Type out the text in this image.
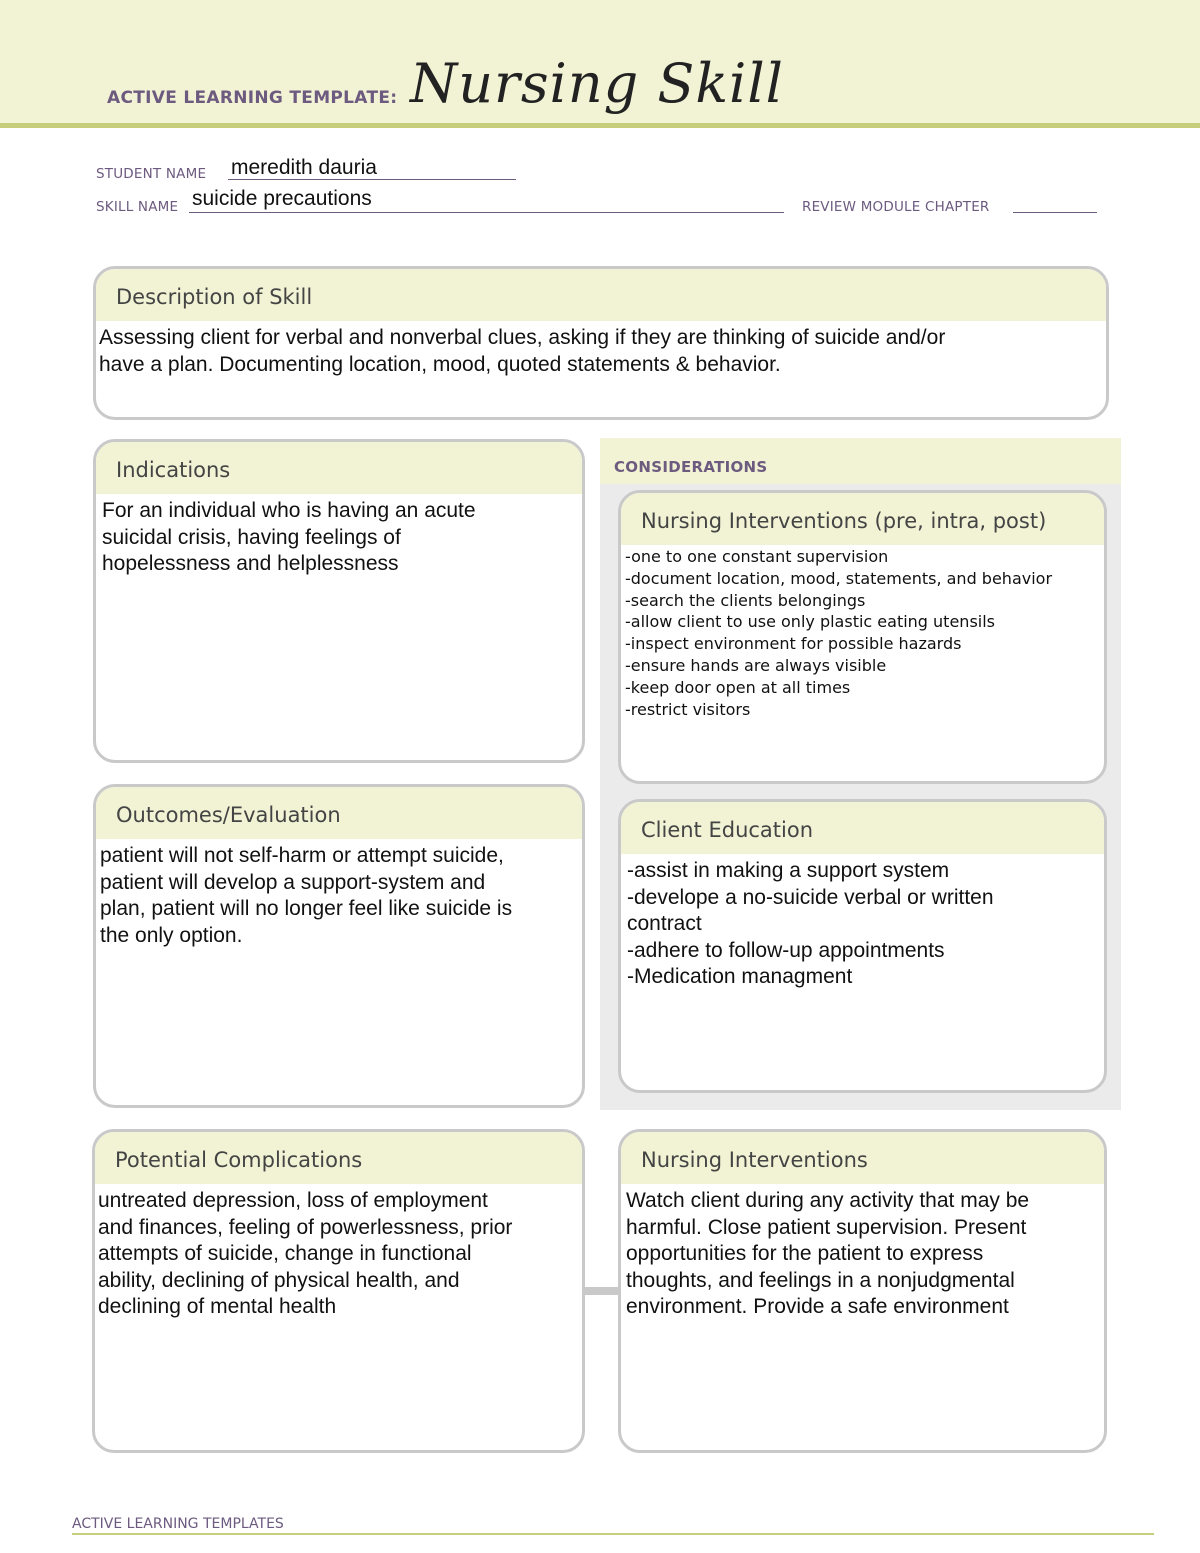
ACTIVE LEARNING TEMPLATE: Nursing Skill
STUDENT NAME meredith dauria
SKILL NAME suicide precautions	REVIEW MODULE CHAPTER
Description of Skill
Assessing client for verbal and nonverbal clues, asking if they are thinking of suicide and/or
have a plan. Documenting location, mood, quoted statements & behavior.
CONSIDERATIONS
Indications
For an individual who is having an acute
suicidal crisis, having feelings of
hopelessness and helplessness
Nursing Interventions (pre, intra, post)
-one to one constant supervision
-document location, mood, statements, and behavior
-search the clients belongings
-allow client to use only plastic eating utensils
-inspect environment for possible hazards
-ensure hands are always visible
-keep door open at all times
-restrict visitors
Outcomes/Evaluation
patient will not self-harm or attempt suicide,
patient will develop a support-system and
plan, patient will no longer feel like suicide is
the only option.
Client Education
-assist in making a support system
-develope a no-suicide verbal or written
contract
-adhere to follow-up appointments
-Medication managment
Potential Complications
untreated depression, loss of employment
and finances, feeling of powerlessness, prior
attempts of suicide, change in functional
ability, declining of physical health, and
declining of mental health
Nursing Interventions
Watch client during any activity that may be
harmful. Close patient supervision. Present
opportunities for the patient to express
thoughts, and feelings in a nonjudgmental
environment. Provide a safe environment
ACTIVE LEARNING TEMPLATES
